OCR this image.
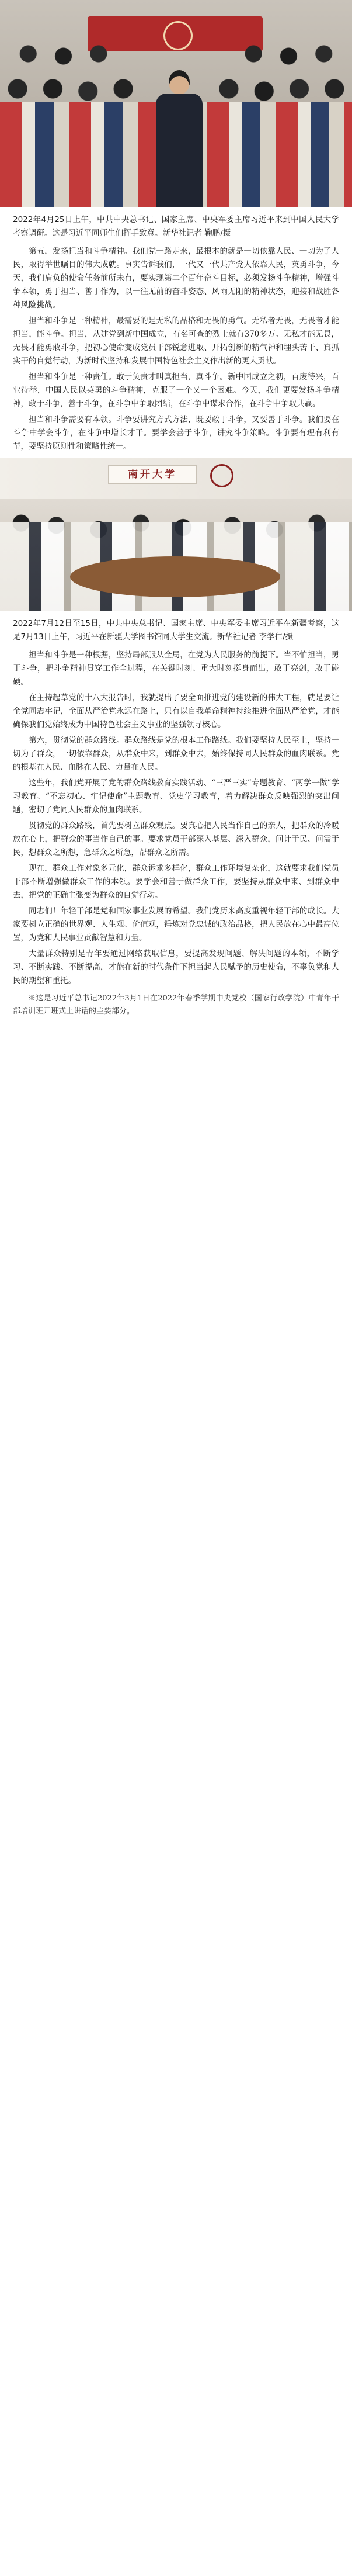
2022年4月25日上午，中共中央总书记、国家主席、中央军委主席习近平来到中国人民大学考察调研。这是习近平同师生们挥手致意。新华社记者 鞠鹏/摄

第五，发扬担当和斗争精神。我们党一路走来，最根本的就是一切依靠人民、一切为了人民，取得举世瞩目的伟大成就。事实告诉我们，一代又一代共产党人依靠人民，英勇斗争，今天，我们肩负的使命任务前所未有，要实现第二个百年奋斗目标，必须发扬斗争精神，增强斗争本领，勇于担当、善于作为，以一往无前的奋斗姿态、风雨无阻的精神状态，迎接和战胜各种风险挑战。

担当和斗争是一种精神，最需要的是无私的品格和无畏的勇气。无私者无畏，无畏者才能担当，能斗争。担当，从建党到新中国成立，有名可查的烈士就有370多万。无私才能无畏，无畏才能勇敢斗争，把初心使命变成党员干部锐意进取、开拓创新的精气神和埋头苦干、真抓实干的自觉行动，为新时代坚持和发展中国特色社会主义作出新的更大贡献。

担当和斗争是一种责任。敢于负责才叫真担当，真斗争。新中国成立之初，百废待兴，百业待举，中国人民以英勇的斗争精神，克服了一个又一个困难。今天，我们更要发扬斗争精神，敢于斗争，善于斗争，在斗争中争取团结，在斗争中谋求合作，在斗争中争取共赢。

担当和斗争需要有本领。斗争要讲究方式方法，既要敢于斗争，又要善于斗争。我们要在斗争中学会斗争，在斗争中增长才干。要学会善于斗争，讲究斗争策略。斗争要有理有利有节，要坚持原则性和策略性统一。

南开大学
2022年7月12日至15日，中共中央总书记、国家主席、中央军委主席习近平在新疆考察，这是7月13日上午，习近平在新疆大学图书馆同大学生交流。新华社记者 李学仁/摄

担当和斗争是一种根据，坚持局部服从全局，在党为人民服务的前提下。当不怕担当，勇于斗争，把斗争精神贯穿工作全过程，在关键时刻、重大时刻挺身而出，敢于亮剑，敢于碰硬。

在主持起草党的十八大报告时，我就提出了要全面推进党的建设新的伟大工程，就是要让全党同志牢记，全面从严治党永远在路上，只有以自我革命精神持续推进全面从严治党，才能确保我们党始终成为中国特色社会主义事业的坚强领导核心。

第六，贯彻党的群众路线。群众路线是党的根本工作路线。我们要坚持人民至上，坚持一切为了群众，一切依靠群众，从群众中来，到群众中去，始终保持同人民群众的血肉联系。党的根基在人民、血脉在人民、力量在人民。

这些年，我们党开展了党的群众路线教育实践活动、“三严三实”专题教育、“两学一做”学习教育、“不忘初心、牢记使命”主题教育、党史学习教育，着力解决群众反映强烈的突出问题，密切了党同人民群众的血肉联系。

贯彻党的群众路线，首先要树立群众观点。要真心把人民当作自己的亲人，把群众的冷暖放在心上，把群众的事当作自己的事。要求党员干部深入基层、深入群众，问计于民、问需于民，想群众之所想，急群众之所急，帮群众之所需。

现在，群众工作对象多元化，群众诉求多样化，群众工作环境复杂化，这就要求我们党员干部不断增强做群众工作的本领。要学会和善于做群众工作，要坚持从群众中来、到群众中去，把党的正确主张变为群众的自觉行动。

同志们！年轻干部是党和国家事业发展的希望。我们党历来高度重视年轻干部的成长。大家要树立正确的世界观、人生观、价值观，锤炼对党忠诚的政治品格，把人民放在心中最高位置，为党和人民事业贡献智慧和力量。

大量群众特别是青年要通过网络获取信息，要提高发现问题、解决问题的本领，不断学习、不断实践、不断提高，才能在新的时代条件下担当起人民赋予的历史使命，不辜负党和人民的期望和重托。

※这是习近平总书记2022年3月1日在2022年春季学期中央党校（国家行政学院）中青年干部培训班开班式上讲话的主要部分。
